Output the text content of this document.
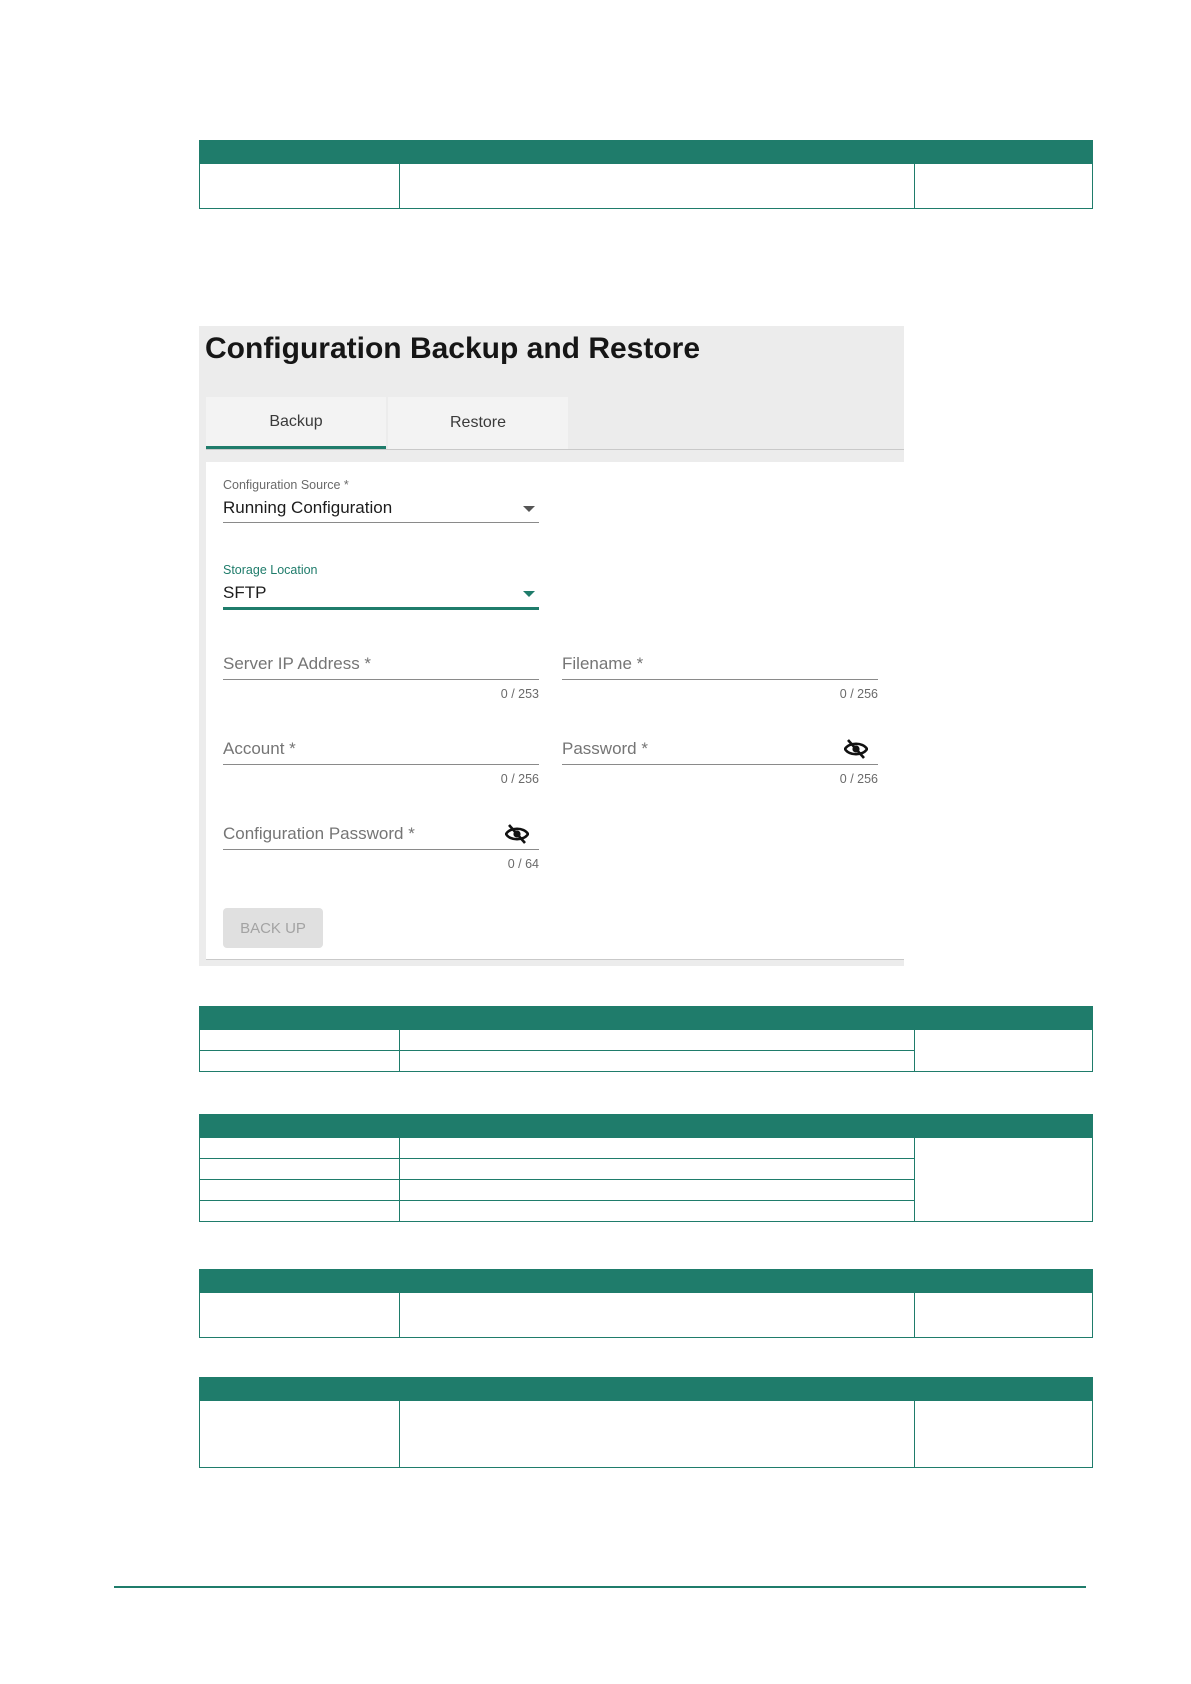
Configuration Backup and Restore
Backup	Restore
Configuration Source *
Running Configuration
Storage Location
SFTP
Server IP Address *
0 / 253
Filename *
0 / 256
Account *
0 / 256
Password *
0 / 256
Configuration Password *
0 / 64
BACK UP
